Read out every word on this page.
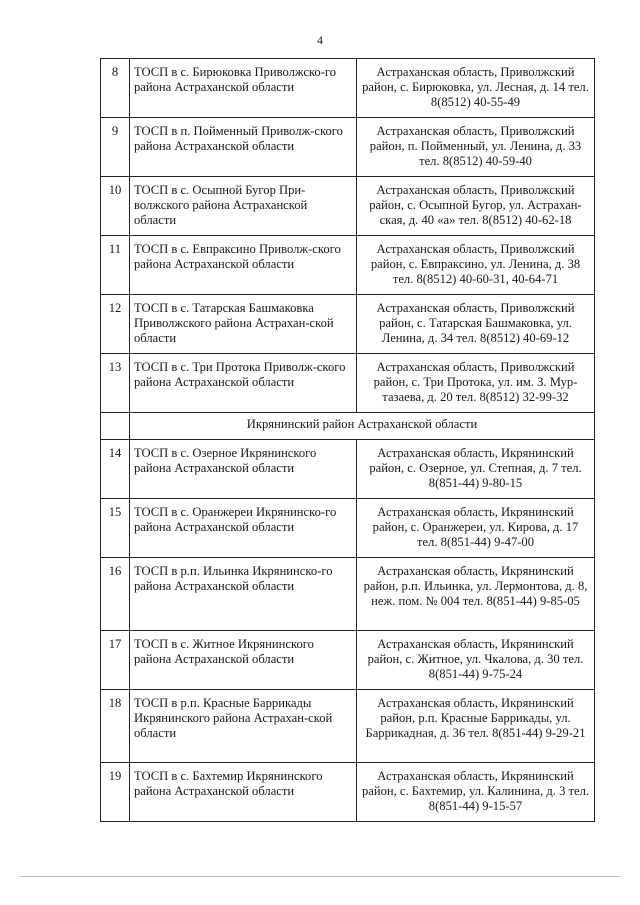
4
8	ТОСП в с. Бирюковка Приволжско-го района Астраханской области	Астраханская область, Приволжский район, с. Бирюковка, ул. Лесная, д. 14 тел. 8(8512) 40-55-49
9	ТОСП в п. Пойменный Приволж-ского района Астраханской области	Астраханская область, Приволжский район, п. Пойменный, ул. Ленина, д. 33 тел. 8(8512) 40-59-40
10	ТОСП в с. Осыпной Бугор При-волжского района Астраханской области	Астраханская область, Приволжский район, с. Осыпной Бугор, ул. Астрахан-ская, д. 40 «а» тел. 8(8512) 40-62-18
11	ТОСП в с. Евпраксино Приволж-ского района Астраханской области	Астраханская область, Приволжский район, с. Евпраксино, ул. Ленина, д. 38 тел. 8(8512) 40-60-31, 40-64-71
12	ТОСП в с. Татарская Башмаковка Приволжского района Астрахан-ской области	Астраханская область, Приволжский район, с. Татарская Башмаковка, ул. Ленина, д. 34 тел. 8(8512) 40-69-12
13	ТОСП в с. Три Протока Приволж-ского района Астраханской области	Астраханская область, Приволжский район, с. Три Протока, ул. им. З. Мур-тазаева, д. 20 тел. 8(8512) 32-99-32
	Икрянинский район Астраханской области	
14	ТОСП в с. Озерное Икрянинского района Астраханской области	Астраханская область, Икрянинский район, с. Озерное, ул. Степная, д. 7 тел. 8(851-44) 9-80-15
15	ТОСП в с. Оранжереи Икрянинско-го района Астраханской области	Астраханская область, Икрянинский район, с. Оранжереи, ул. Кирова, д. 17 тел. 8(851-44) 9-47-00
16	ТОСП в р.п. Ильинка Икрянинско-го района Астраханской области	Астраханская область, Икрянинский район, р.п. Ильинка, ул. Лермонтова, д. 8, неж. пом. № 004 тел. 8(851-44) 9-85-05
17	ТОСП в с. Житное Икрянинского района Астраханской области	Астраханская область, Икрянинский район, с. Житное, ул. Чкалова, д. 30 тел. 8(851-44) 9-75-24
18	ТОСП в р.п. Красные Баррикады Икрянинского района Астрахан-ской области	Астраханская область, Икрянинский район, р.п. Красные Баррикады, ул. Баррикадная, д. 36 тел. 8(851-44) 9-29-21
19	ТОСП в с. Бахтемир Икрянинского района Астраханской области	Астраханская область, Икрянинский район, с. Бахтемир, ул. Калинина, д. 3 тел. 8(851-44) 9-15-57
